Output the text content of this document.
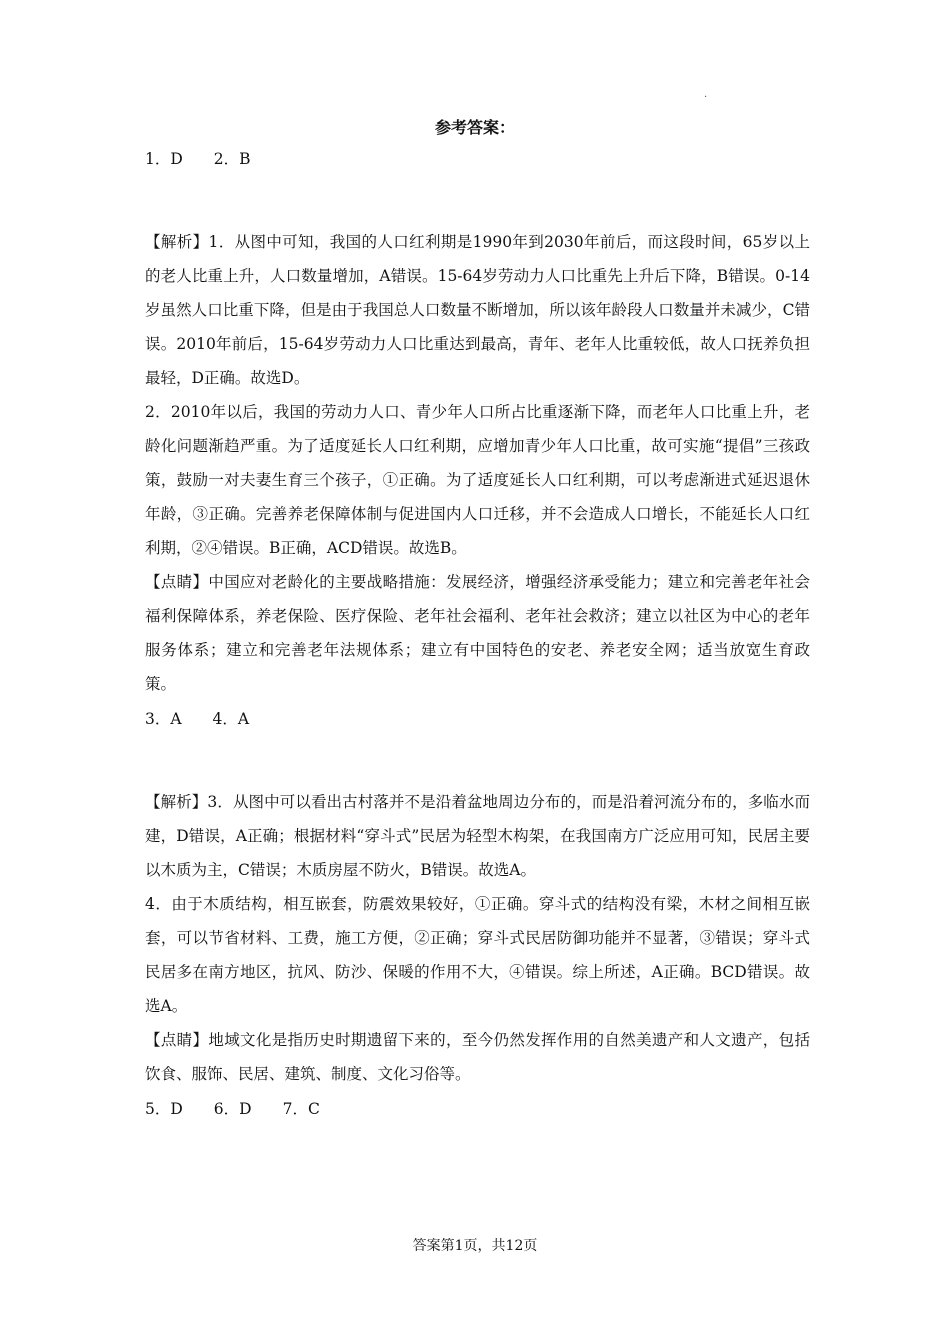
·
参考答案：
1．D　　2．B

【解析】1．从图中可知，我国的人口红利期是1990年到2030年前后，而这段时间，65岁以上的老人比重上升，人口数量增加，A错误。15-64岁劳动力人口比重先上升后下降，B错误。0-14岁虽然人口比重下降，但是由于我国总人口数量不断增加，所以该年龄段人口数量并未减少，C错误。2010年前后，15-64岁劳动力人口比重达到最高，青年、老年人比重较低，故人口抚养负担最轻，D正确。故选D。

2．2010年以后，我国的劳动力人口、青少年人口所占比重逐渐下降，而老年人口比重上升，老龄化问题渐趋严重。为了适度延长人口红利期，应增加青少年人口比重，故可实施“提倡”三孩政策，鼓励一对夫妻生育三个孩子，①正确。为了适度延长人口红利期，可以考虑渐进式延迟退休年龄，③正确。完善养老保障体制与促进国内人口迁移，并不会造成人口增长，不能延长人口红利期，②④错误。B正确，ACD错误。故选B。

【点睛】中国应对老龄化的主要战略措施：发展经济，增强经济承受能力；建立和完善老年社会福利保障体系，养老保险、医疗保险、老年社会福利、老年社会救济；建立以社区为中心的老年服务体系；建立和完善老年法规体系；建立有中国特色的安老、养老安全网；适当放宽生育政策。

3．A　　4．A

【解析】3．从图中可以看出古村落并不是沿着盆地周边分布的，而是沿着河流分布的，多临水而建，D错误，A正确；根据材料“穿斗式”民居为轻型木构架，在我国南方广泛应用可知，民居主要以木质为主，C错误；木质房屋不防火，B错误。故选A。

4．由于木质结构，相互嵌套，防震效果较好，①正确。穿斗式的结构没有梁，木材之间相互嵌套，可以节省材料、工费，施工方便，②正确；穿斗式民居防御功能并不显著，③错误；穿斗式民居多在南方地区，抗风、防沙、保暖的作用不大，④错误。综上所述，A正确。BCD错误。故选A。

【点睛】地域文化是指历史时期遗留下来的，至今仍然发挥作用的自然美遗产和人文遗产，包括饮食、服饰、民居、建筑、制度、文化习俗等。

5．D　　6．D　　7．C
答案第1页，共12页
